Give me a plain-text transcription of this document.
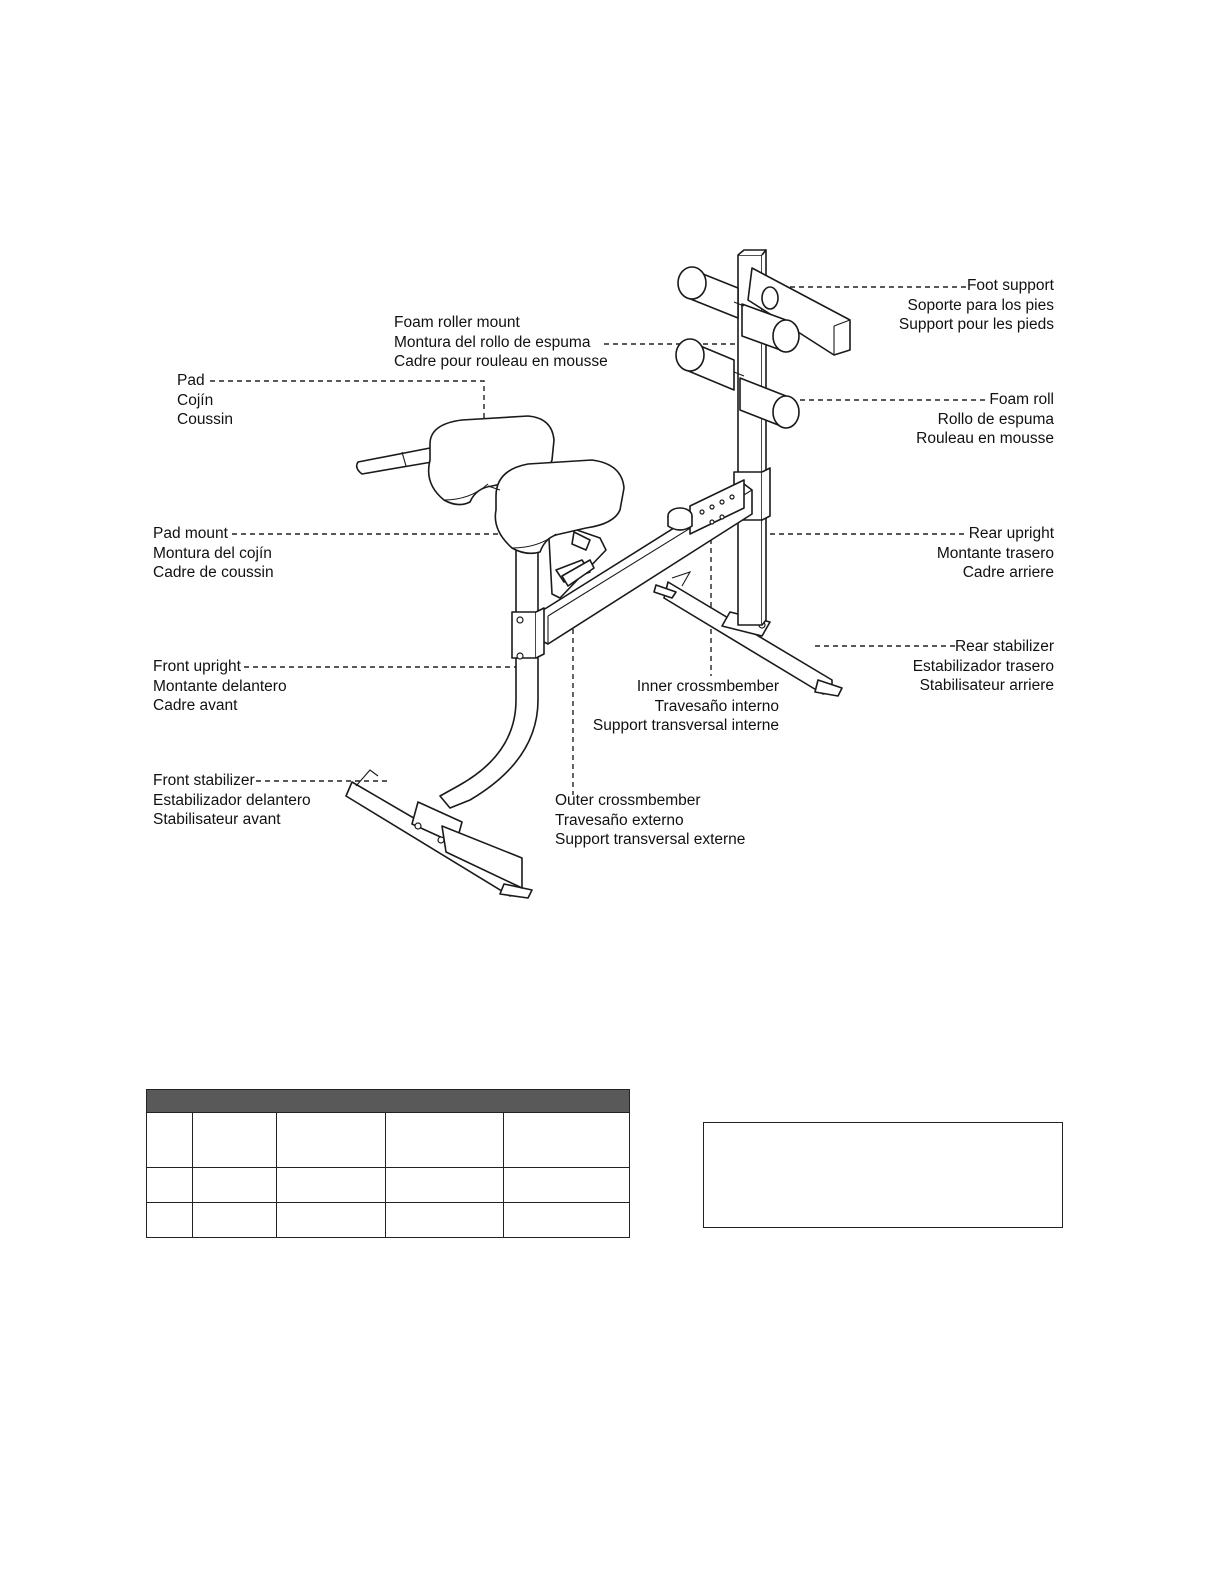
Foot support
Soporte para los pies
Support pour les pieds
Foam roller mount
Montura del rollo de espuma
Cadre pour rouleau en mousse
Pad
Cojín
Coussin
Foam roll
Rollo de espuma
Rouleau en mousse
Pad mount
Montura del cojín
Cadre de coussin
Rear upright
Montante trasero
Cadre arriere
Rear stabilizer
Estabilizador trasero
Stabilisateur arriere
Front upright
Montante delantero
Cadre avant
Inner crossmbember
Travesaño interno
Support transversal interne
Front stabilizer
Estabilizador delantero
Stabilisateur avant
Outer crossmbember
Travesaño externo
Support transversal externe
